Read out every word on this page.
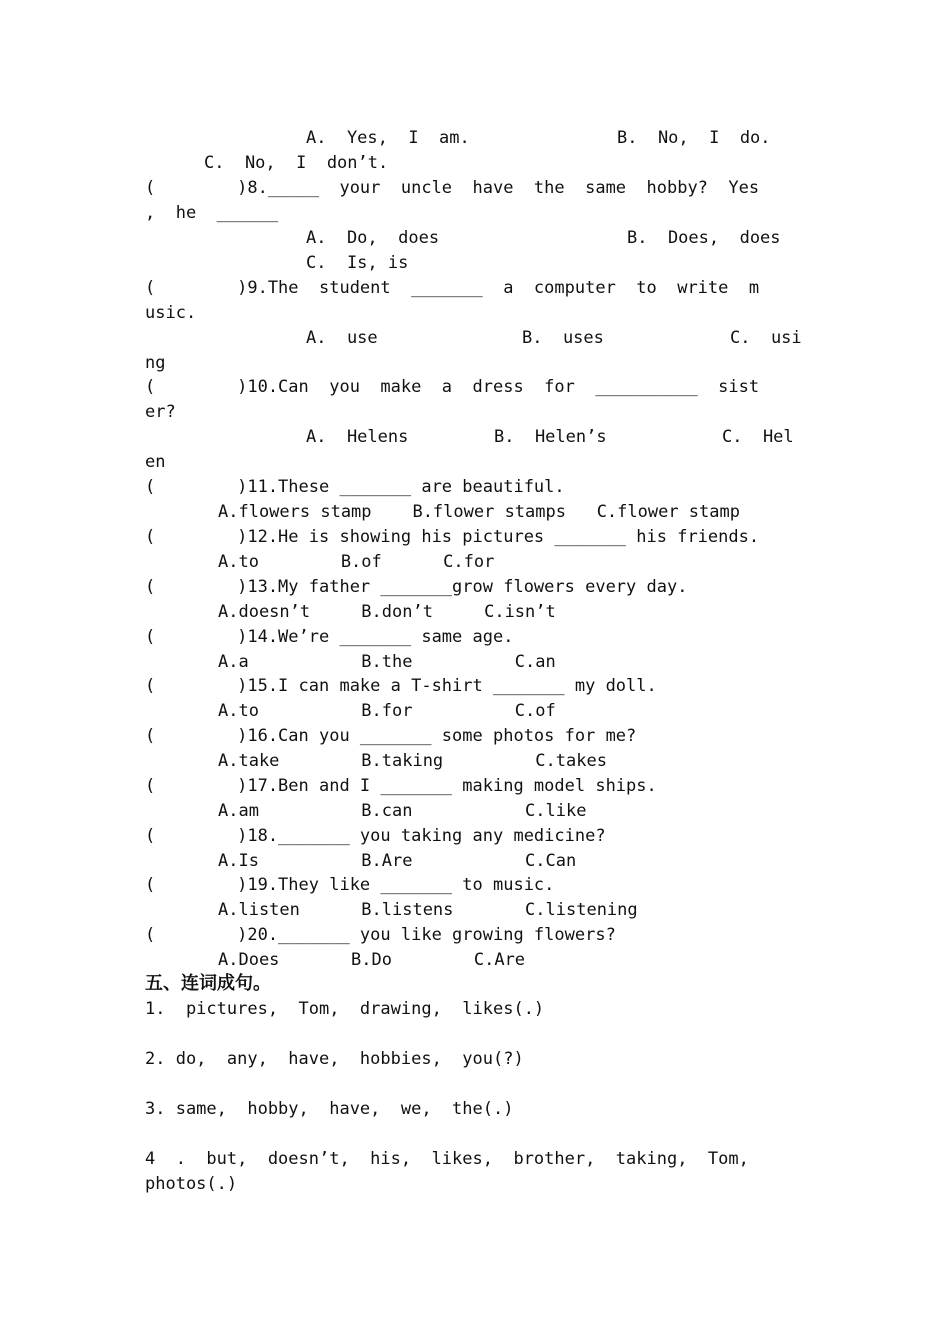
A.  Yes,  I  am.	B.  No,  I  do.
C.  No,  I  don’t.
(        )8._____  your  uncle  have  the  same  hobby?  Yes
,  he  ______
A.  Do,  does	B.  Does,  does
C.  Is, is
(        )9.The  student  _______  a  computer  to  write  m
usic.
A.  use	B.  uses	C.  usi
ng
(        )10.Can  you  make  a  dress  for  __________  sist
er?
A.  Helens	B.  Helen’s	C.  Hel
en
(        )11.These _______ are beautiful.
A.flowers stamp    B.flower stamps   C.flower stamp
(        )12.He is showing his pictures _______ his friends.
A.to        B.of      C.for
(        )13.My father _______grow flowers every day.
A.doesn’t     B.don’t     C.isn’t
(        )14.We’re _______ same age.
A.a           B.the          C.an
(        )15.I can make a T-shirt _______ my doll.
A.to          B.for          C.of
(        )16.Can you _______ some photos for me?
A.take        B.taking         C.takes
(        )17.Ben and I _______ making model ships.
A.am          B.can           C.like
(        )18._______ you taking any medicine?
A.Is          B.Are           C.Can
(        )19.They like _______ to music.
A.listen      B.listens       C.listening
(        )20._______ you like growing flowers?
A.Does       B.Do        C.Are
五、连词成句。
1.  pictures,  Tom,  drawing,  likes(.)
2. do,  any,  have,  hobbies,  you(?)
3. same,  hobby,  have,  we,  the(.)
4  .  but,  doesn’t,  his,  likes,  brother,  taking,  Tom,
photos(.)
